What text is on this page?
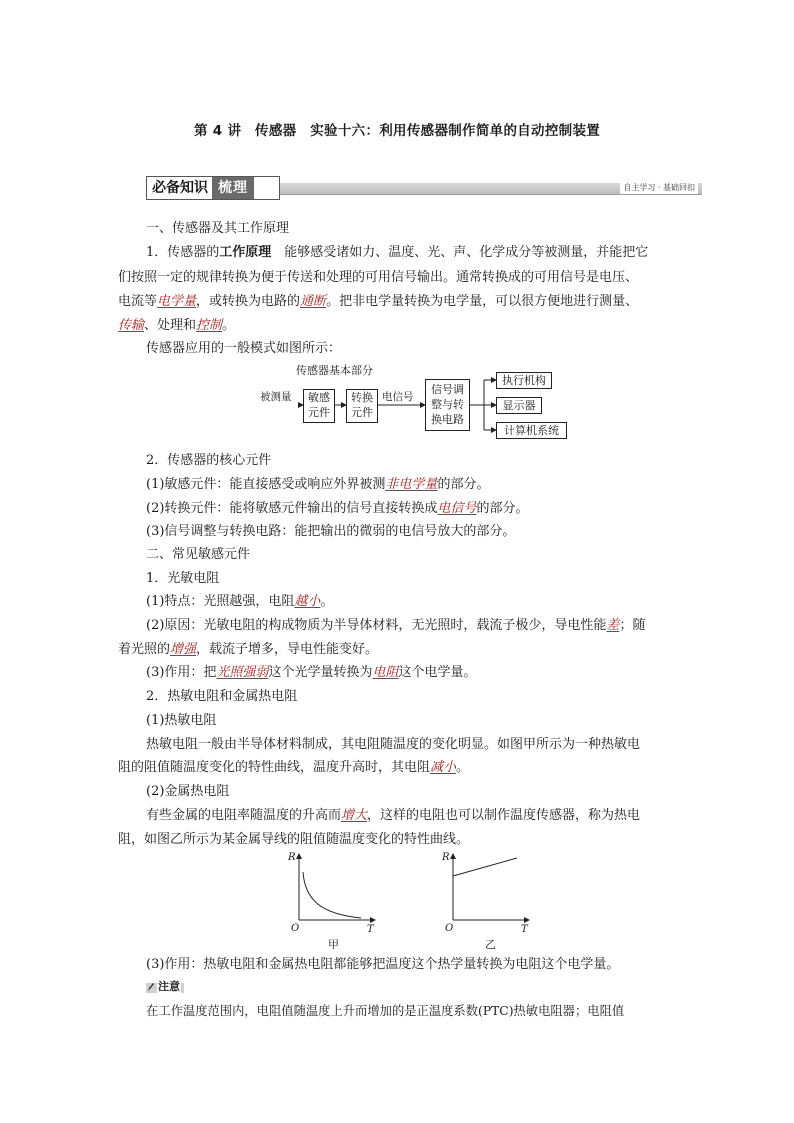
第 4 讲　传感器　实验十六：利用传感器制作简单的自动控制装置
必备知识 梳理	自主学习 · 基础回扣
一、传感器及其工作原理
1．传感器的工作原理　能够感受诸如力、温度、光、声、化学成分等被测量，并能把它
们按照一定的规律转换为便于传送和处理的可用信号输出。通常转换成的可用信号是电压、
电流等电学量，或转换为电路的通断。把非电学量转换为电学量，可以很方便地进行测量、
传输、处理和控制。
传感器应用的一般模式如图所示：
传感器基本部分
被测量	敏感
元件
转换
元件
电信号
信号调
整与转
换电路
执行机构
显示器
计算机系统
2．传感器的核心元件
(1)敏感元件：能直接感受或响应外界被测非电学量的部分。
(2)转换元件：能将敏感元件输出的信号直接转换成电信号的部分。
(3)信号调整与转换电路：能把输出的微弱的电信号放大的部分。
二、常见敏感元件
1．光敏电阻
(1)特点：光照越强，电阻越小。
(2)原因：光敏电阻的构成物质为半导体材料，无光照时，载流子极少，导电性能差；随
着光照的增强，载流子增多，导电性能变好。
(3)作用：把光照强弱这个光学量转换为电阻这个电学量。
2．热敏电阻和金属热电阻
(1)热敏电阻
热敏电阻一般由半导体材料制成，其电阻随温度的变化明显。如图甲所示为一种热敏电
阻的阻值随温度变化的特性曲线，温度升高时，其电阻减小。
(2)金属热电阻
有些金属的电阻率随温度的升高而增大，这样的电阻也可以制作温度传感器，称为热电
阻，如图乙所示为某金属导线的阻值随温度变化的特性曲线。
R
T
O
甲
R
T
O
乙
(3)作用：热敏电阻和金属热电阻都能够把温度这个热学量转换为电阻这个电学量。
注意
在工作温度范围内，电阻值随温度上升而增加的是正温度系数(PTC)热敏电阻器；电阻值
